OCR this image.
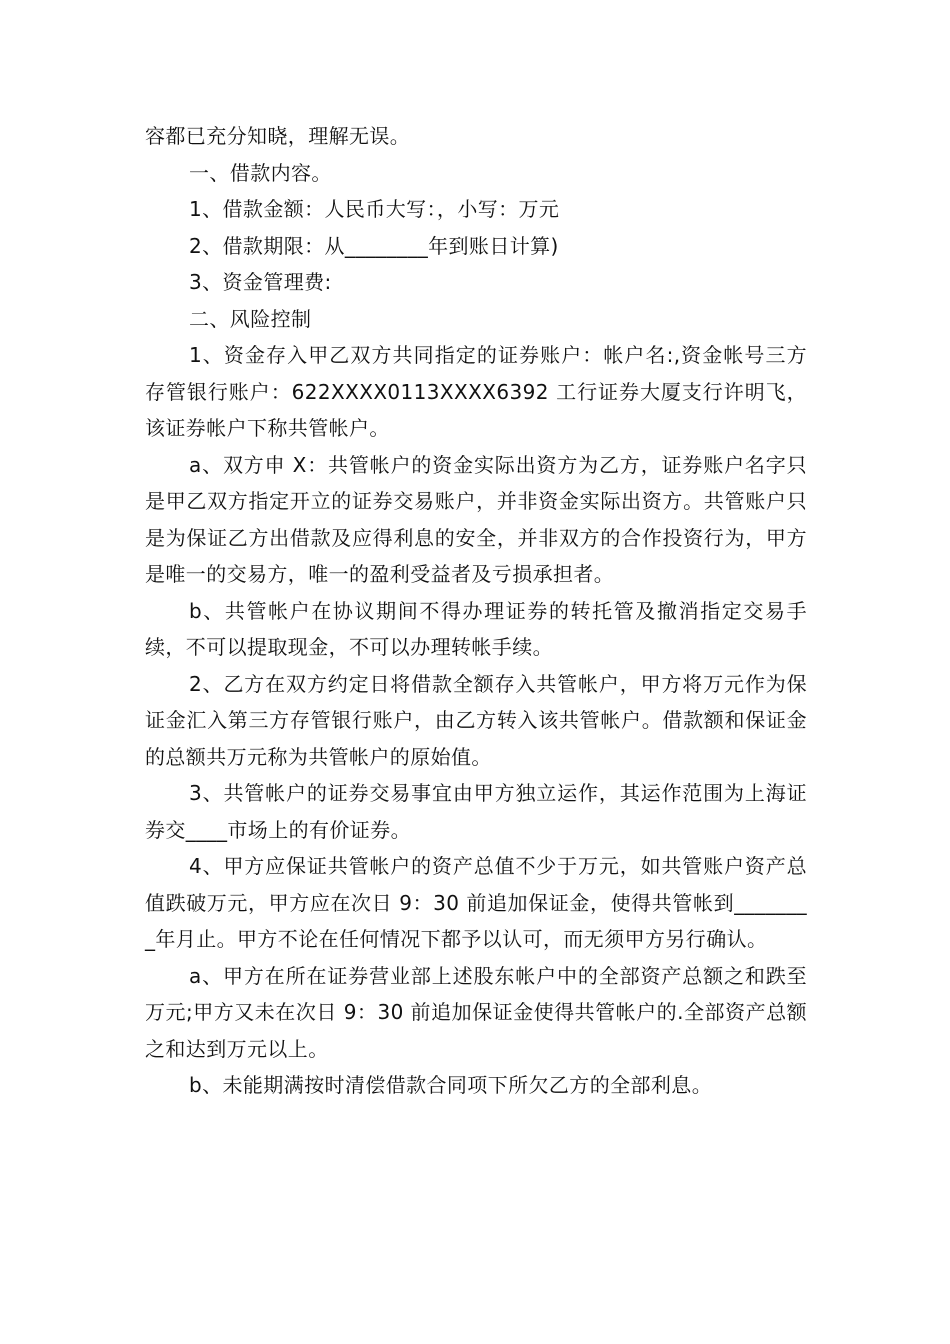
容都已充分知晓，理解无误。

一、借款内容。

1、借款金额：人民币大写：，小写：万元

2、借款期限：从________年到账日计算)

3、资金管理费:

二、风险控制

1、资金存入甲乙双方共同指定的证券账户：帐户名:,资金帐号三方存管银行账户：622XXXX0113XXXX6392 工行证券大厦支行许明飞，该证券帐户下称共管帐户。

a、双方申 X：共管帐户的资金实际出资方为乙方，证券账户名字只是甲乙双方指定开立的证券交易账户，并非资金实际出资方。共管账户只是为保证乙方出借款及应得利息的安全，并非双方的合作投资行为，甲方是唯一的交易方，唯一的盈利受益者及亏损承担者。

b、共管帐户在协议期间不得办理证券的转托管及撤消指定交易手续，不可以提取现金，不可以办理转帐手续。

2、乙方在双方约定日将借款全额存入共管帐户，甲方将万元作为保证金汇入第三方存管银行账户，由乙方转入该共管帐户。借款额和保证金的总额共万元称为共管帐户的原始值。

3、共管帐户的证券交易事宜由甲方独立运作，其运作范围为上海证券交____市场上的有价证券。

4、甲方应保证共管帐户的资产总值不少于万元，如共管账户资产总值跌破万元，甲方应在次日 9：30 前追加保证金，使得共管帐到________年月止。甲方不论在任何情况下都予以认可，而无须甲方另行确认。

a、甲方在所在证券营业部上述股东帐户中的全部资产总额之和跌至万元;甲方又未在次日 9：30 前追加保证金使得共管帐户的.全部资产总额之和达到万元以上。

b、未能期满按时清偿借款合同项下所欠乙方的全部利息。
